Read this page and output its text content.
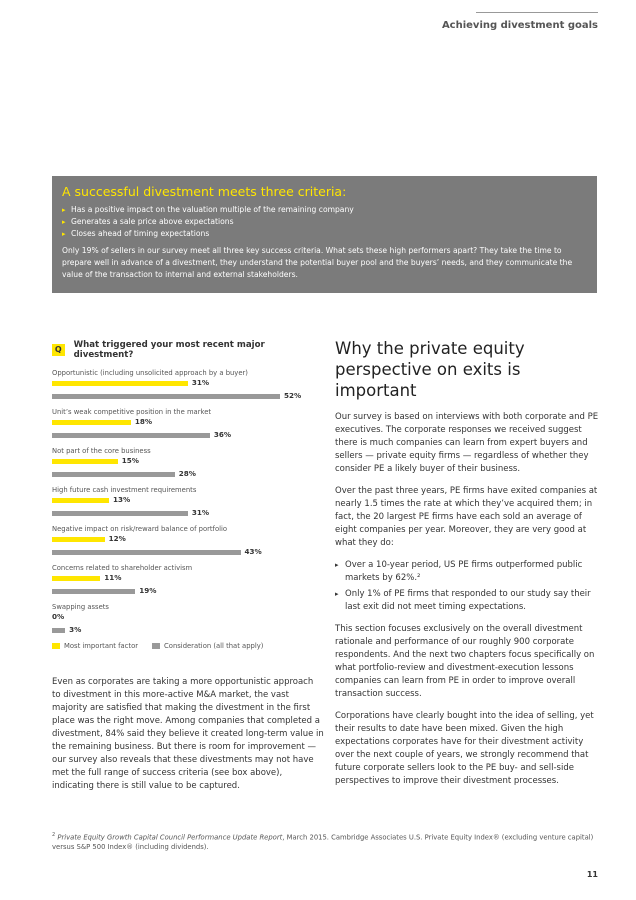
Achieving divestment goals
A successful divestment meets three criteria:
▸ Has a positive impact on the valuation multiple of the remaining company
▸ Generates a sale price above expectations
▸ Closes ahead of timing expectations

Only 19% of sellers in our survey meet all three key success criteria. What sets these high performers apart? They take the time to prepare well in advance of a divestment, they understand the potential buyer pool and the buyers’ needs, and they communicate the value of the transaction to internal and external stakeholders.

Q	What triggered your most recent major divestment?
Opportunistic (including unsolicited approach by a buyer)
31%
52%
Unit’s weak competitive position in the market
18%
36%
Not part of the core business
15%
28%
High future cash investment requirements
13%
31%
Negative impact on risk/reward balance of portfolio
12%
43%
Concerns related to shareholder activism
11%
19%
Swapping assets
0%
3%
Most important factor	Consideration (all that apply)

Even as corporates are taking a more opportunistic approach to divestment in this more-active M&A market, the vast majority are satisfied that making the divestment in the first place was the right move. Among companies that completed a divestment, 84% said they believe it created long-term value in the remaining business. But there is room for improvement — our survey also reveals that these divestments may not have met the full range of success criteria (see box above), indicating there is still value to be captured.

Why the private equity perspective on exits is important

Our survey is based on interviews with both corporate and PE executives. The corporate responses we received suggest there is much companies can learn from expert buyers and sellers — private equity firms — regardless of whether they consider PE a likely buyer of their business.

Over the past three years, PE firms have exited companies at nearly 1.5 times the rate at which they’ve acquired them; in fact, the 20 largest PE firms have each sold an average of eight companies per year. Moreover, they are very good at what they do:

▸ Over a 10-year period, US PE firms outperformed public markets by 62%.²
▸ Only 1% of PE firms that responded to our study say their last exit did not meet timing expectations.

This section focuses exclusively on the overall divestment rationale and performance of our roughly 900 corporate respondents. And the next two chapters focus specifically on what portfolio-review and divestment-execution lessons companies can learn from PE in order to improve overall transaction success.

Corporations have clearly bought into the idea of selling, yet their results to date have been mixed. Given the high expectations corporates have for their divestment activity over the next couple of years, we strongly recommend that future corporate sellers look to the PE buy- and sell-side perspectives to improve their divestment processes.

$^2$ Private Equity Growth Capital Council Performance Update Report, March 2015. Cambridge Associates U.S. Private Equity Index® (excluding venture capital) versus S&P 500 Index® (including dividends).

11
